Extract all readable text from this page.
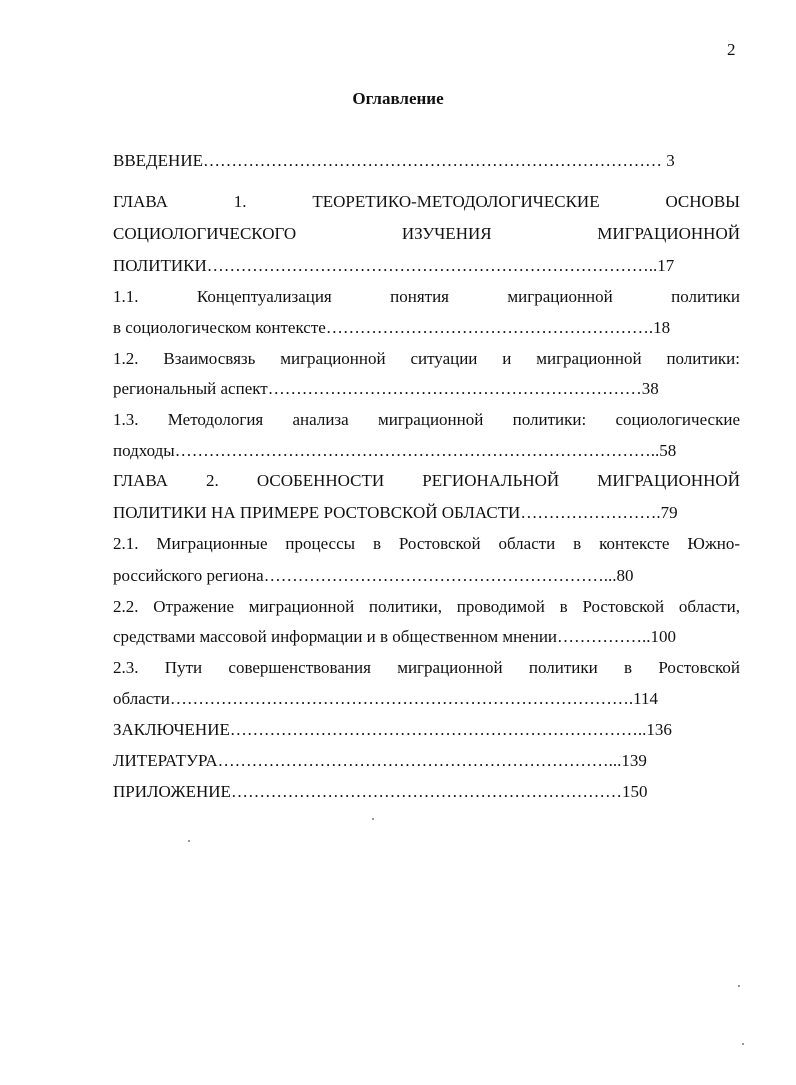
2
Оглавление
ВВЕДЕНИЕ……………………………………………………………………… 3
ГЛАВА 1. ТЕОРЕТИКО-МЕТОДОЛОГИЧЕСКИЕ ОСНОВЫ
СОЦИОЛОГИЧЕСКОГО ИЗУЧЕНИЯ МИГРАЦИОННОЙ
ПОЛИТИКИ……………………………………………………………………..17
1.1. Концептуализация понятия миграционной политики
в социологическом контексте………………………………………………….18
1.2. Взаимосвязь миграционной ситуации и миграционной политики:
региональный аспект…………………………………………………………38
1.3. Методология анализа миграционной политики: социологические
подходы…………………………………………………………………………..58
ГЛАВА 2. ОСОБЕННОСТИ РЕГИОНАЛЬНОЙ МИГРАЦИОННОЙ
ПОЛИТИКИ НА ПРИМЕРЕ РОСТОВСКОЙ ОБЛАСТИ…………………….79
2.1. Миграционные процессы в Ростовской области в контексте Южно-
российского региона……………………………………………………...80
2.2. Отражение миграционной политики, проводимой в Ростовской области,
средствами массовой информации и в общественном мнении……………..100
2.3. Пути совершенствования миграционной политики в Ростовской
области……………………………………………………………………….114
ЗАКЛЮЧЕНИЕ………………………………………………………………..136
ЛИТЕРАТУРА……………………………………………………………...139
ПРИЛОЖЕНИЕ……………………………………………………………150
